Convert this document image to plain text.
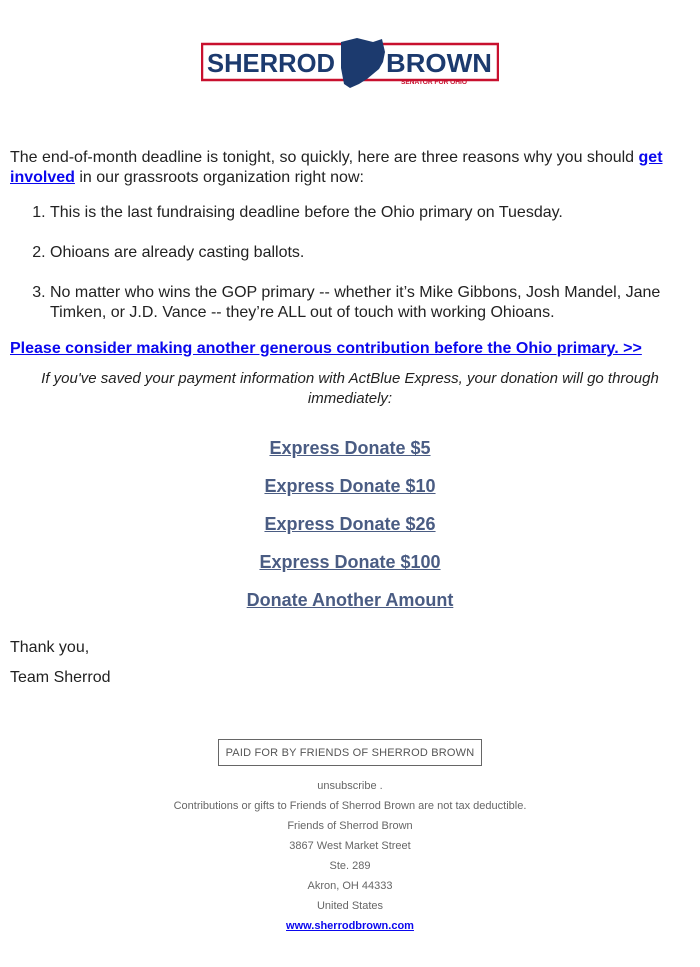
SHERROD BROWN
SENATOR FOR OHIO

The end-of-month deadline is tonight, so quickly, here are three reasons why you should get involved in our grassroots organization right now:

1. This is the last fundraising deadline before the Ohio primary on Tuesday.
2. Ohioans are already casting ballots.
3. No matter who wins the GOP primary -- whether it’s Mike Gibbons, Josh Mandel, Jane Timken, or J.D. Vance -- they’re ALL out of touch with working Ohioans.
Please consider making another generous contribution before the Ohio primary. >>

If you've saved your payment information with ActBlue Express, your donation will go through immediately:

Express Donate $5
Express Donate $10
Express Donate $26
Express Donate $100
Donate Another Amount
Thank you,
Team Sherrod
PAID FOR BY FRIENDS OF SHERROD BROWN
unsubscribe .
Contributions or gifts to Friends of Sherrod Brown are not tax deductible.
Friends of Sherrod Brown
3867 West Market Street
Ste. 289
Akron, OH 44333
United States
www.sherrodbrown.com
